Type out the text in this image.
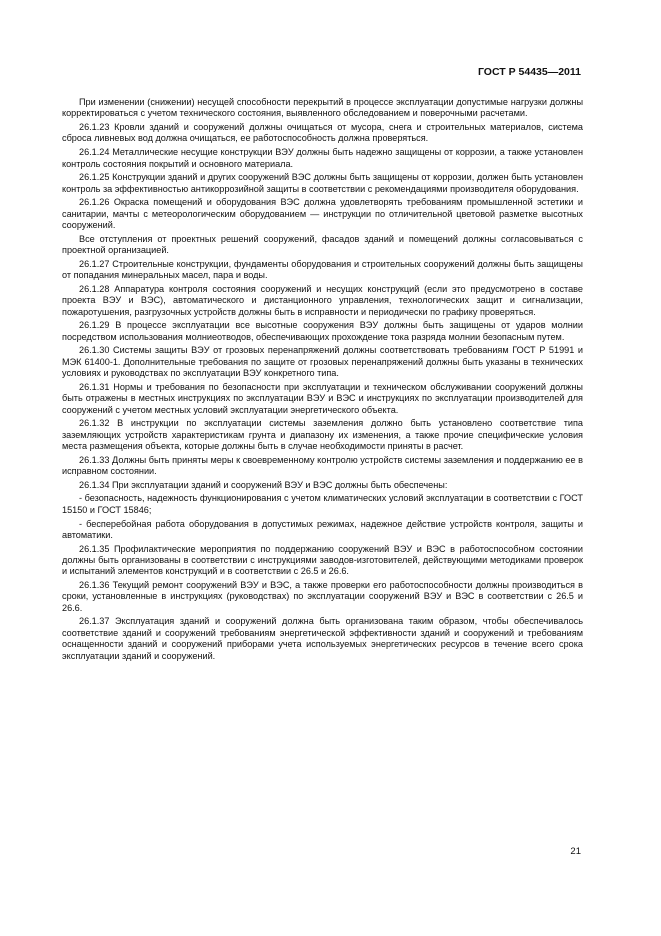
ГОСТ Р 54435—2011

При изменении (снижении) несущей способности перекрытий в процессе эксплуатации допустимые нагрузки должны корректироваться с учетом технического состояния, выявленного обследованием и поверочными расчетами.

26.1.23 Кровли зданий и сооружений должны очищаться от мусора, снега и строительных материалов, система сброса ливневых вод должна очищаться, ее работоспособность должна проверяться.

26.1.24 Металлические несущие конструкции ВЭУ должны быть надежно защищены от коррозии, а также установлен контроль состояния покрытий и основного материала.

26.1.25 Конструкции зданий и других сооружений ВЭС должны быть защищены от коррозии, должен быть установлен контроль за эффективностью антикоррозийной защиты в соответствии с рекомендациями производителя оборудования.

26.1.26 Окраска помещений и оборудования ВЭС должна удовлетворять требованиям промышленной эстетики и санитарии, мачты с метеорологическим оборудованием — инструкции по отличительной цветовой разметке высотных сооружений.

Все отступления от проектных решений сооружений, фасадов зданий и помещений должны согласовываться с проектной организацией.

26.1.27 Строительные конструкции, фундаменты оборудования и строительных сооружений должны быть защищены от попадания минеральных масел, пара и воды.

26.1.28 Аппаратура контроля состояния сооружений и несущих конструкций (если это предусмотрено в составе проекта ВЭУ и ВЭС), автоматического и дистанционного управления, технологических защит и сигнализации, пожаротушения, разгрузочных устройств должны быть в исправности и периодически по графику проверяться.

26.1.29 В процессе эксплуатации все высотные сооружения ВЭУ должны быть защищены от ударов молнии посредством использования молниеотводов, обеспечивающих прохождение тока разряда молнии безопасным путем.

26.1.30 Системы защиты ВЭУ от грозовых перенапряжений должны соответствовать требованиям ГОСТ Р 51991 и МЭК 61400-1. Дополнительные требования по защите от грозовых перенапряжений должны быть указаны в технических условиях и руководствах по эксплуатации ВЭУ конкретного типа.

26.1.31 Нормы и требования по безопасности при эксплуатации и техническом обслуживании сооружений должны быть отражены в местных инструкциях по эксплуатации ВЭУ и ВЭС и инструкциях по эксплуатации производителей для сооружений с учетом местных условий эксплуатации энергетического объекта.

26.1.32 В инструкции по эксплуатации системы заземления должно быть установлено соответствие типа заземляющих устройств характеристикам грунта и диапазону их изменения, а также прочие специфические условия места размещения объекта, которые должны быть в случае необходимости приняты в расчет.

26.1.33 Должны быть приняты меры к своевременному контролю устройств системы заземления и поддержанию ее в исправном состоянии.

26.1.34 При эксплуатации зданий и сооружений ВЭУ и ВЭС должны быть обеспечены:

- безопасность, надежность функционирования с учетом климатических условий эксплуатации в соответствии с ГОСТ 15150 и ГОСТ 15846;

- бесперебойная работа оборудования в допустимых режимах, надежное действие устройств контроля, защиты и автоматики.

26.1.35 Профилактические мероприятия по поддержанию сооружений ВЭУ и ВЭС в работоспособном состоянии должны быть организованы в соответствии с инструкциями заводов-изготовителей, действующими методиками проверок и испытаний элементов конструкций и в соответствии с 26.5 и 26.6.

26.1.36 Текущий ремонт сооружений ВЭУ и ВЭС, а также проверки его работоспособности должны производиться в сроки, установленные в инструкциях (руководствах) по эксплуатации сооружений ВЭУ и ВЭС в соответствии с 26.5 и 26.6.

26.1.37 Эксплуатация зданий и сооружений должна быть организована таким образом, чтобы обеспечивалось соответствие зданий и сооружений требованиям энергетической эффективности зданий и сооружений и требованиям оснащенности зданий и сооружений приборами учета используемых энергетических ресурсов в течение всего срока эксплуатации зданий и сооружений.

21
